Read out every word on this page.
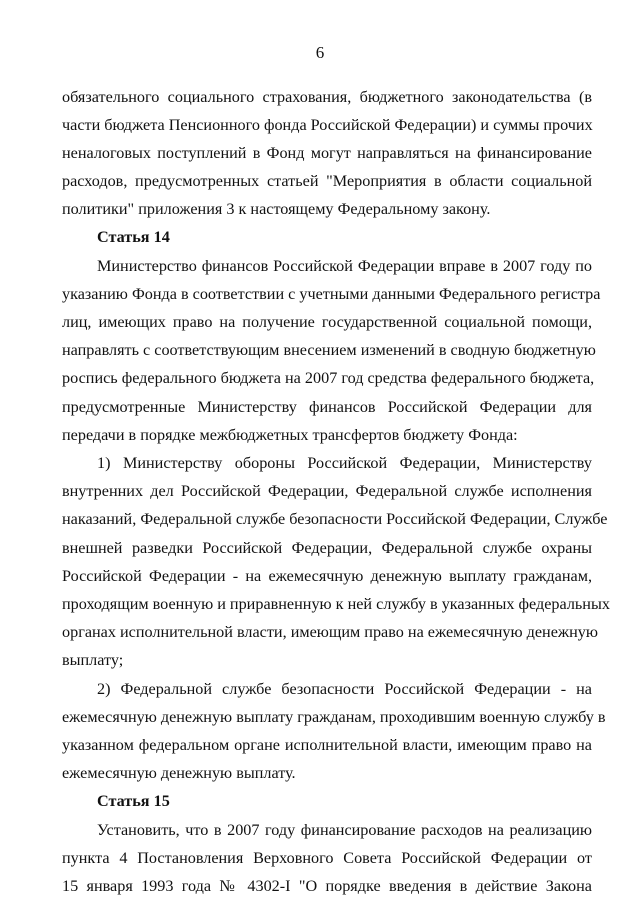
6
обязательного социального страхования, бюджетного законодательства (в
части бюджета Пенсионного фонда Российской Федерации) и суммы прочих
неналоговых поступлений в Фонд могут направляться на финансирование
расходов, предусмотренных статьей "Мероприятия в области социальной
политики" приложения 3 к настоящему Федеральному закону.
Статья 14
Министерство финансов Российской Федерации вправе в 2007 году по
указанию Фонда в соответствии с учетными данными Федерального регистра
лиц, имеющих право на получение государственной социальной помощи,
направлять с соответствующим внесением изменений в сводную бюджетную
роспись федерального бюджета на 2007 год средства федерального бюджета,
предусмотренные Министерству финансов Российской Федерации для
передачи в порядке межбюджетных трансфертов бюджету Фонда:
1) Министерству обороны Российской Федерации, Министерству
внутренних дел Российской Федерации, Федеральной службе исполнения
наказаний, Федеральной службе безопасности Российской Федерации, Службе
внешней разведки Российской Федерации, Федеральной службе охраны
Российской Федерации - на ежемесячную денежную выплату гражданам,
проходящим военную и приравненную к ней службу в указанных федеральных
органах исполнительной власти, имеющим право на ежемесячную денежную
выплату;
2) Федеральной службе безопасности Российской Федерации - на
ежемесячную денежную выплату гражданам, проходившим военную службу в
указанном федеральном органе исполнительной власти, имеющим право на
ежемесячную денежную выплату.
Статья 15
Установить, что в 2007 году финансирование расходов на реализацию
пункта 4 Постановления Верховного Совета Российской Федерации от
15 января 1993 года № 4302-I "О порядке введения в действие Закона
